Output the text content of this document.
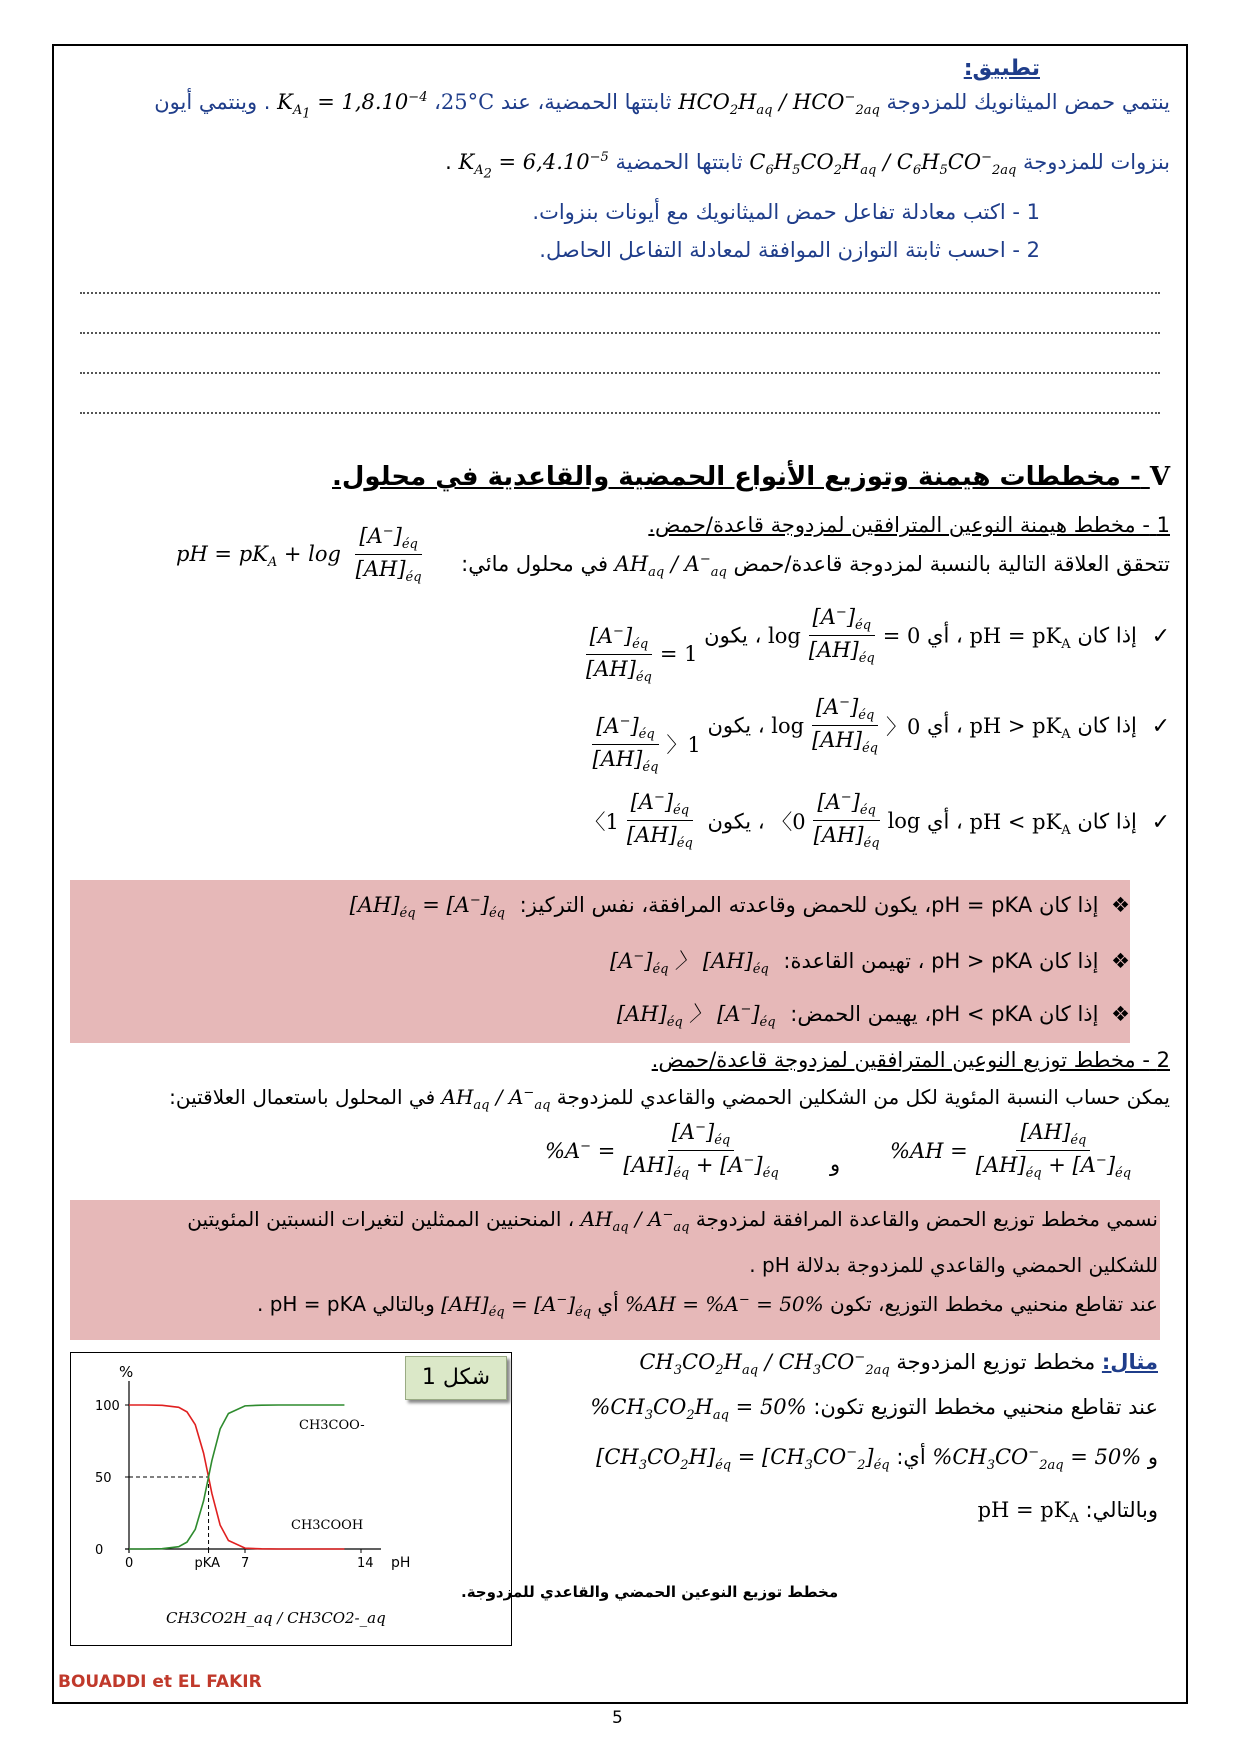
تطبيق:
ينتمي حمض الميثانويك للمزدوجة $HCO_2H_{aq} / HCO^-_{2aq}$ ثابتتها الحمضية، عند 25°C، $K_{A_1} = 1,8.10^{-4}$ . وينتمي أيون
بنزوات للمزدوجة $C_6H_5CO_2H_{aq} / C_6H_5CO^-_{2aq}$ ثابتتها الحمضية $K_{A_2} = 6,4.10^{-5}$ .
1 - اكتب معادلة تفاعل حمض الميثانويك مع أيونات بنزوات.
2 - احسب ثابتة التوازن الموافقة لمعادلة التفاعل الحاصل.
V - مخططات هيمنة وتوزيع الأنواع الحمضية والقاعدية في محلول.
1 - مخطط هيمنة النوعين المترافقين لمزدوجة قاعدة/حمض.
تتحقق العلاقة التالية بالنسبة لمزدوجة قاعدة/حمض $AH_{aq} / A^-_{aq}$ في محلول مائي:
pH = $pK_A + \log \frac{[A^-]_{éq}}{[AH]_{éq}}$
✓ إذا كان pH = $pK_A$ ، أي
$\log \frac{[A^-]_{éq}}{[AH]_{éq}} = 0$
، يكون
$\frac{[A^-]_{éq}}{[AH]_{éq}} = 1$
✓ إذا كان pH > $pK_A$ ، أي
$\log \frac{[A^-]_{éq}}{[AH]_{éq}}$ 〉0
، يكون
$\frac{[A^-]_{éq}}{[AH]_{éq}}$ 〉1
✓ إذا كان pH < $pK_A$ ، أي
〈$0 \frac{[A^-]_{éq}}{[AH]_{éq}}$ log
، يكون
〈$1 \frac{[A^-]_{éq}}{[AH]_{éq}}$
❖ إذا كان pH = pKA، يكون للحمض وقاعدته المرافقة، نفس التركيز: $[AH]_{éq} = [A^-]_{éq}$
❖ إذا كان pH > pKA ، تهيمن القاعدة: $[A^-]_{éq}$ 〉 $[AH]_{éq}$
❖ إذا كان pH < pKA، يهيمن الحمض: $[AH]_{éq}$ 〉 $[A^-]_{éq}$
2 - مخطط توزيع النوعين المترافقين لمزدوجة قاعدة/حمض.
يمكن حساب النسبة المئوية لكل من الشكلين الحمضي والقاعدي للمزدوجة $AH_{aq} / A^-_{aq}$ في المحلول باستعمال العلاقتين:
$\%AH = \frac{[AH]_{éq}}{[AH]_{éq} + [A^-]_{éq}}$
و
$\%A^- = \frac{[A^-]_{éq}}{[AH]_{éq} + [A^-]_{éq}}$
نسمي مخطط توزيع الحمض والقاعدة المرافقة لمزدوجة $AH_{aq} / A^-_{aq}$ ، المنحنيين الممثلين لتغيرات النسبتين المئويتين
للشكلين الحمضي والقاعدي للمزدوجة بدلالة pH .
عند تقاطع منحنيي مخطط التوزيع، تكون %AH = %A− = 50% أي $[AH]_{éq} = [A^-]_{éq}$ وبالتالي pH = pKA .
مثال: مخطط توزيع المزدوجة $CH_3CO_2H_{aq} / CH_3CO^-_{2aq}$
عند تقاطع منحنيي مخطط التوزيع تكون: $\%CH_3CO_2H_{aq} = 50\%$
و $\%CH_3CO^-_{2aq} = 50\%$ أي: $[CH_3CO_2H]_{éq} = [CH_3CO^-_2]_{éq}$
وبالتالي: pH = $pK_A$
%
pH
100
50
0
0	pKA 7	14
CH3COO-
CH3COOH
مخطط توزيع النوعين الحمضي والقاعدي للمزدوجة.
CH3CO2H_aq / CH3CO2-_aq
شكل 1
BOUADDI et EL FAKIR
5
